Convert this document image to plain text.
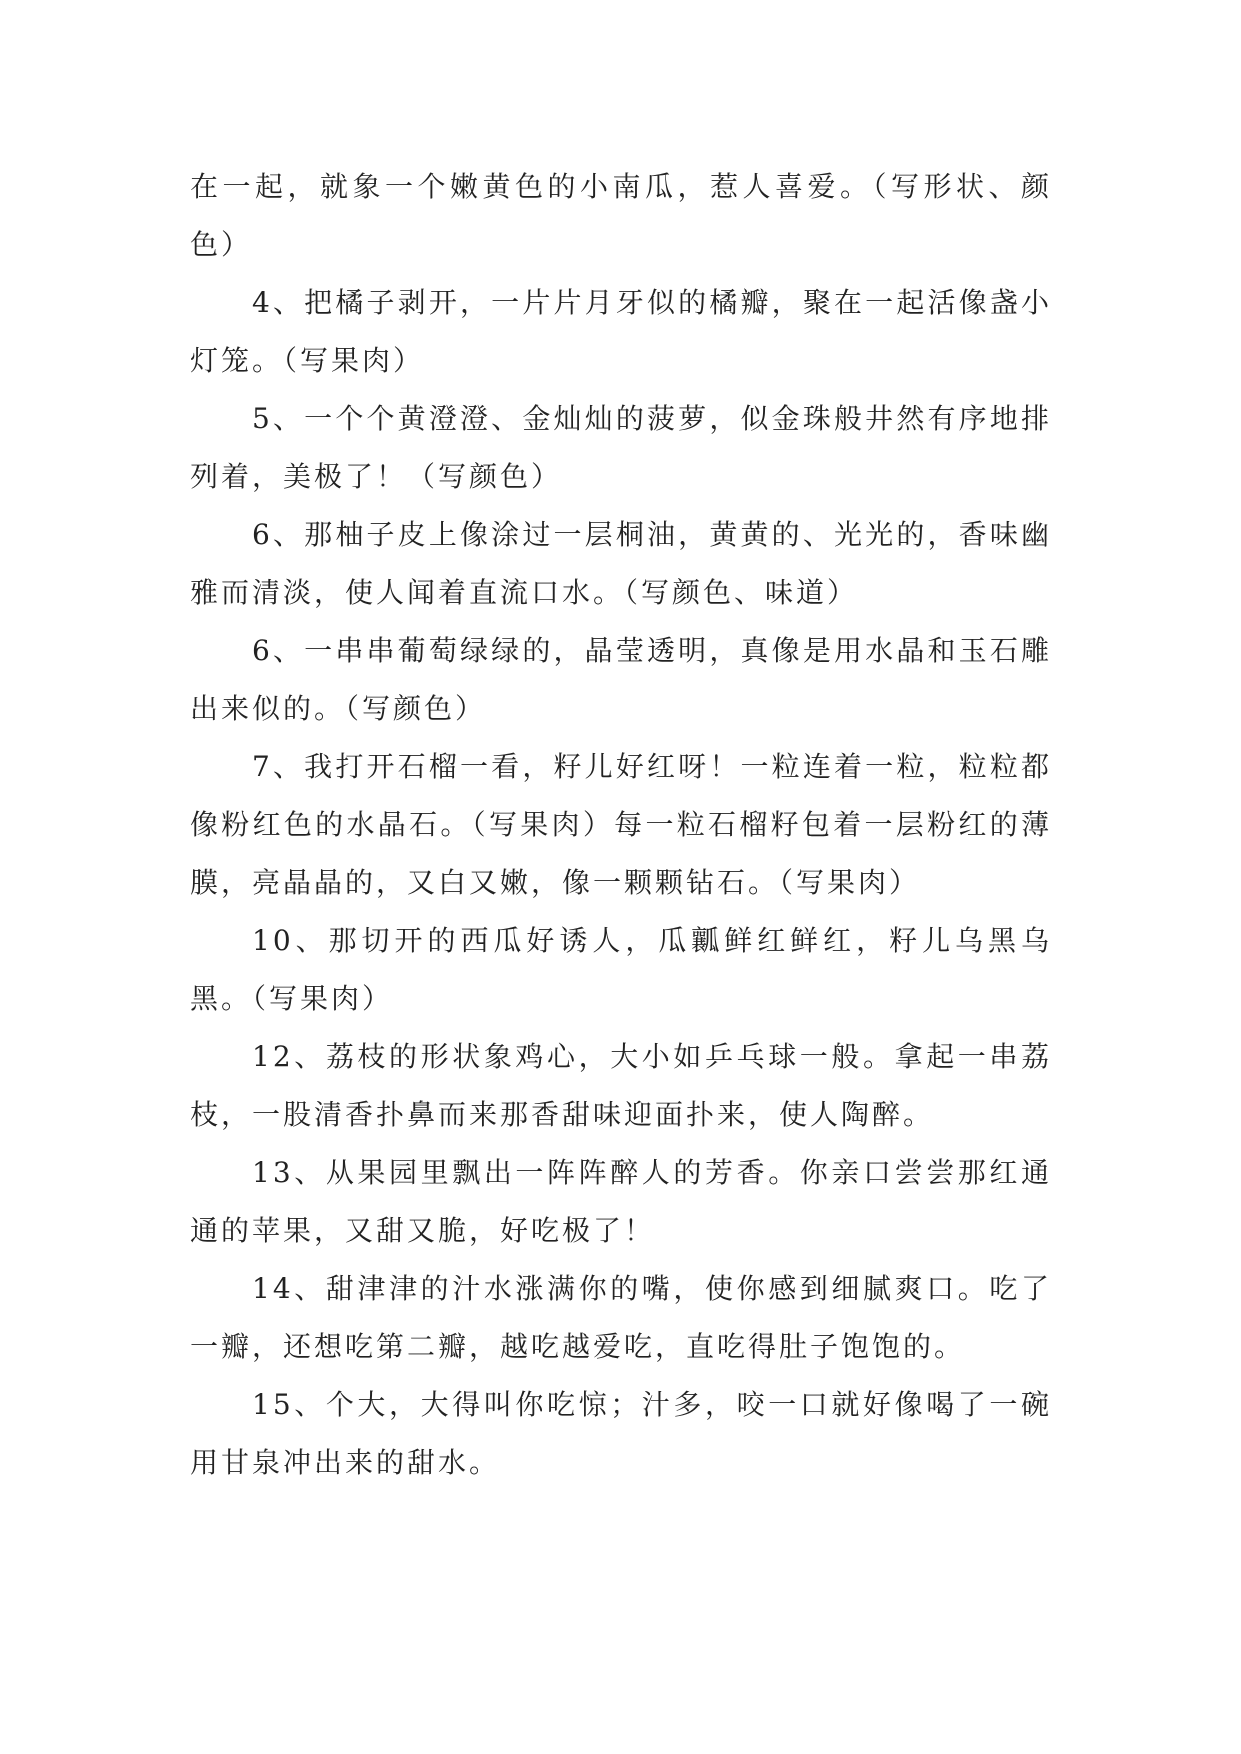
在一起，就象一个嫩黄色的小南瓜，惹人喜爱。（写形状、颜色）

4、把橘子剥开，一片片月牙似的橘瓣，聚在一起活像盏小灯笼。（写果肉）

5、一个个黄澄澄、金灿灿的菠萝，似金珠般井然有序地排列着，美极了！（写颜色）

6、那柚子皮上像涂过一层桐油，黄黄的、光光的，香味幽雅而清淡，使人闻着直流口水。（写颜色、味道）

6、一串串葡萄绿绿的，晶莹透明，真像是用水晶和玉石雕出来似的。（写颜色）

7、我打开石榴一看，籽儿好红呀！一粒连着一粒，粒粒都像粉红色的水晶石。（写果肉）每一粒石榴籽包着一层粉红的薄膜，亮晶晶的，又白又嫩，像一颗颗钻石。（写果肉）

10、那切开的西瓜好诱人，瓜瓤鲜红鲜红，籽儿乌黑乌黑。（写果肉）

12、荔枝的形状象鸡心，大小如乒乓球一般。拿起一串荔枝，一股清香扑鼻而来那香甜味迎面扑来，使人陶醉。

13、从果园里飘出一阵阵醉人的芳香。你亲口尝尝那红通通的苹果，又甜又脆，好吃极了！

14、甜津津的汁水涨满你的嘴，使你感到细腻爽口。吃了一瓣，还想吃第二瓣，越吃越爱吃，直吃得肚子饱饱的。

15、个大，大得叫你吃惊；汁多，咬一口就好像喝了一碗用甘泉冲出来的甜水。
